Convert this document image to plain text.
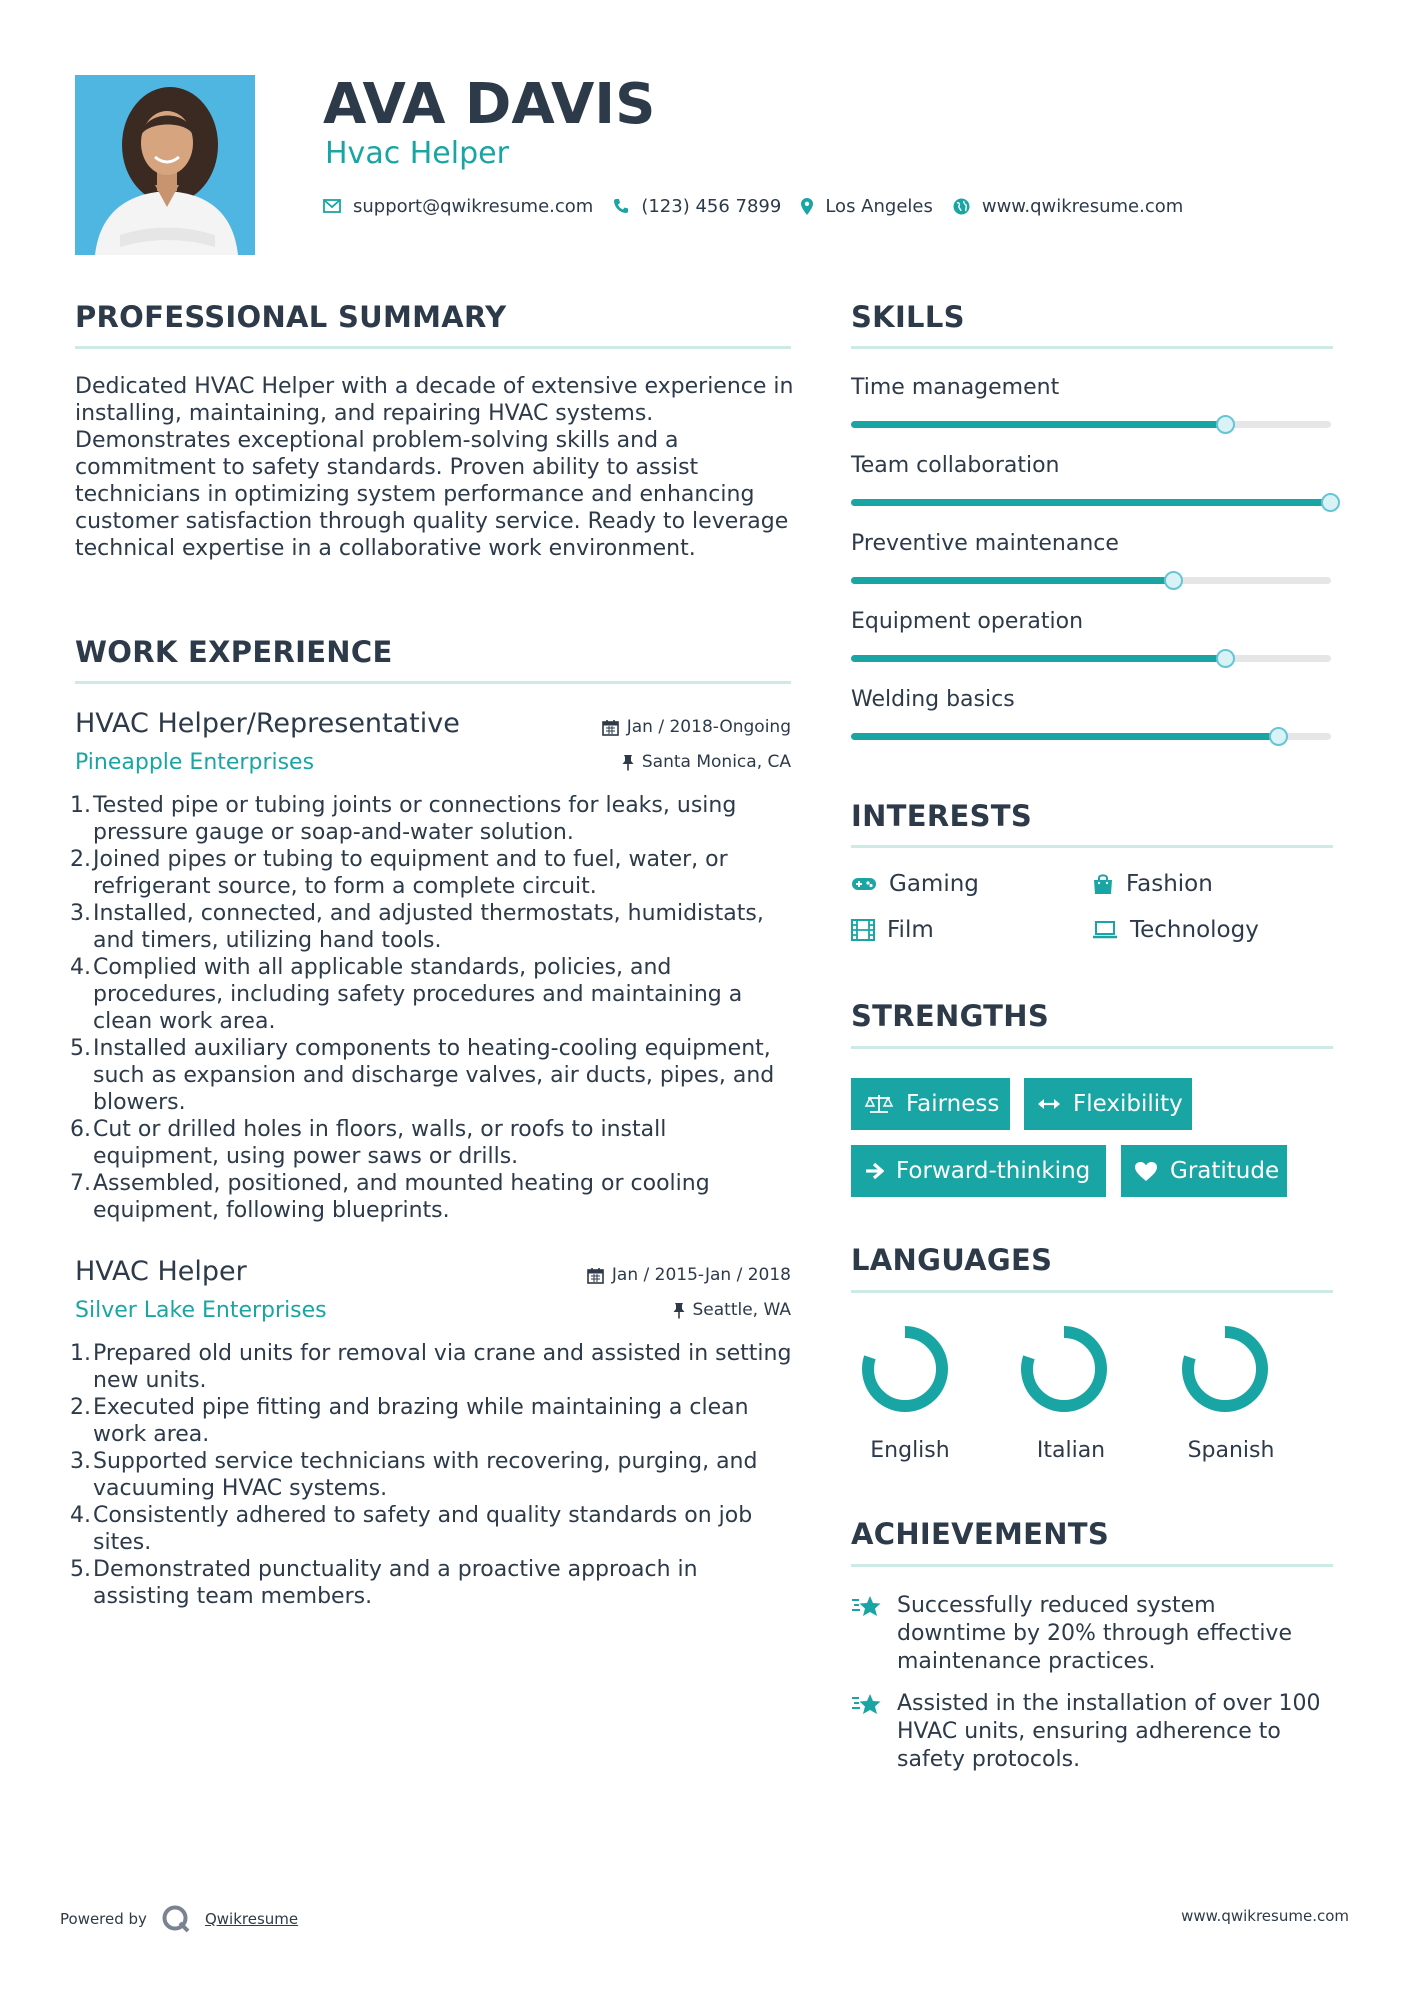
AVA DAVIS
Hvac Helper
support@qwikresume.com	(123) 456 7899 Los Angeles	www.qwikresume.com
PROFESSIONAL SUMMARY
Dedicated HVAC Helper with a decade of extensive experience in installing, maintaining, and repairing HVAC systems. Demonstrates exceptional problem-solving skills and a commitment to safety standards. Proven ability to assist technicians in optimizing system performance and enhancing customer satisfaction through quality service. Ready to leverage technical expertise in a collaborative work environment.
WORK EXPERIENCE
HVAC Helper/Representative	Jan / 2018-Ongoing
Pineapple Enterprises	Santa Monica, CA
1. Tested pipe or tubing joints or connections for leaks, using pressure gauge or soap-and-water solution.
2. Joined pipes or tubing to equipment and to fuel, water, or refrigerant source, to form a complete circuit.
3. Installed, connected, and adjusted thermostats, humidistats, and timers, utilizing hand tools.
4. Complied with all applicable standards, policies, and procedures, including safety procedures and maintaining a clean work area.
5. Installed auxiliary components to heating-cooling equipment, such as expansion and discharge valves, air ducts, pipes, and blowers.
6. Cut or drilled holes in floors, walls, or roofs to install equipment, using power saws or drills.
7. Assembled, positioned, and mounted heating or cooling equipment, following blueprints.
HVAC Helper	Jan / 2015-Jan / 2018
Silver Lake Enterprises	Seattle, WA
1. Prepared old units for removal via crane and assisted in setting new units.
2. Executed pipe fitting and brazing while maintaining a clean work area.
3. Supported service technicians with recovering, purging, and vacuuming HVAC systems.
4. Consistently adhered to safety and quality standards on job sites.
5. Demonstrated punctuality and a proactive approach in assisting team members.
SKILLS
Time management
Team collaboration
Preventive maintenance
Equipment operation
Welding basics
INTERESTS
Gaming	Fashion
Film	Technology
STRENGTHS
Fairness	Flexibility
Forward-thinking	Gratitude
LANGUAGES
English	Italian	Spanish
ACHIEVEMENTS
Successfully reduced system downtime by 20% through effective maintenance practices.
Assisted in the installation of over 100 HVAC units, ensuring adherence to safety protocols.
Powered by	Qwikresume	www.qwikresume.com
